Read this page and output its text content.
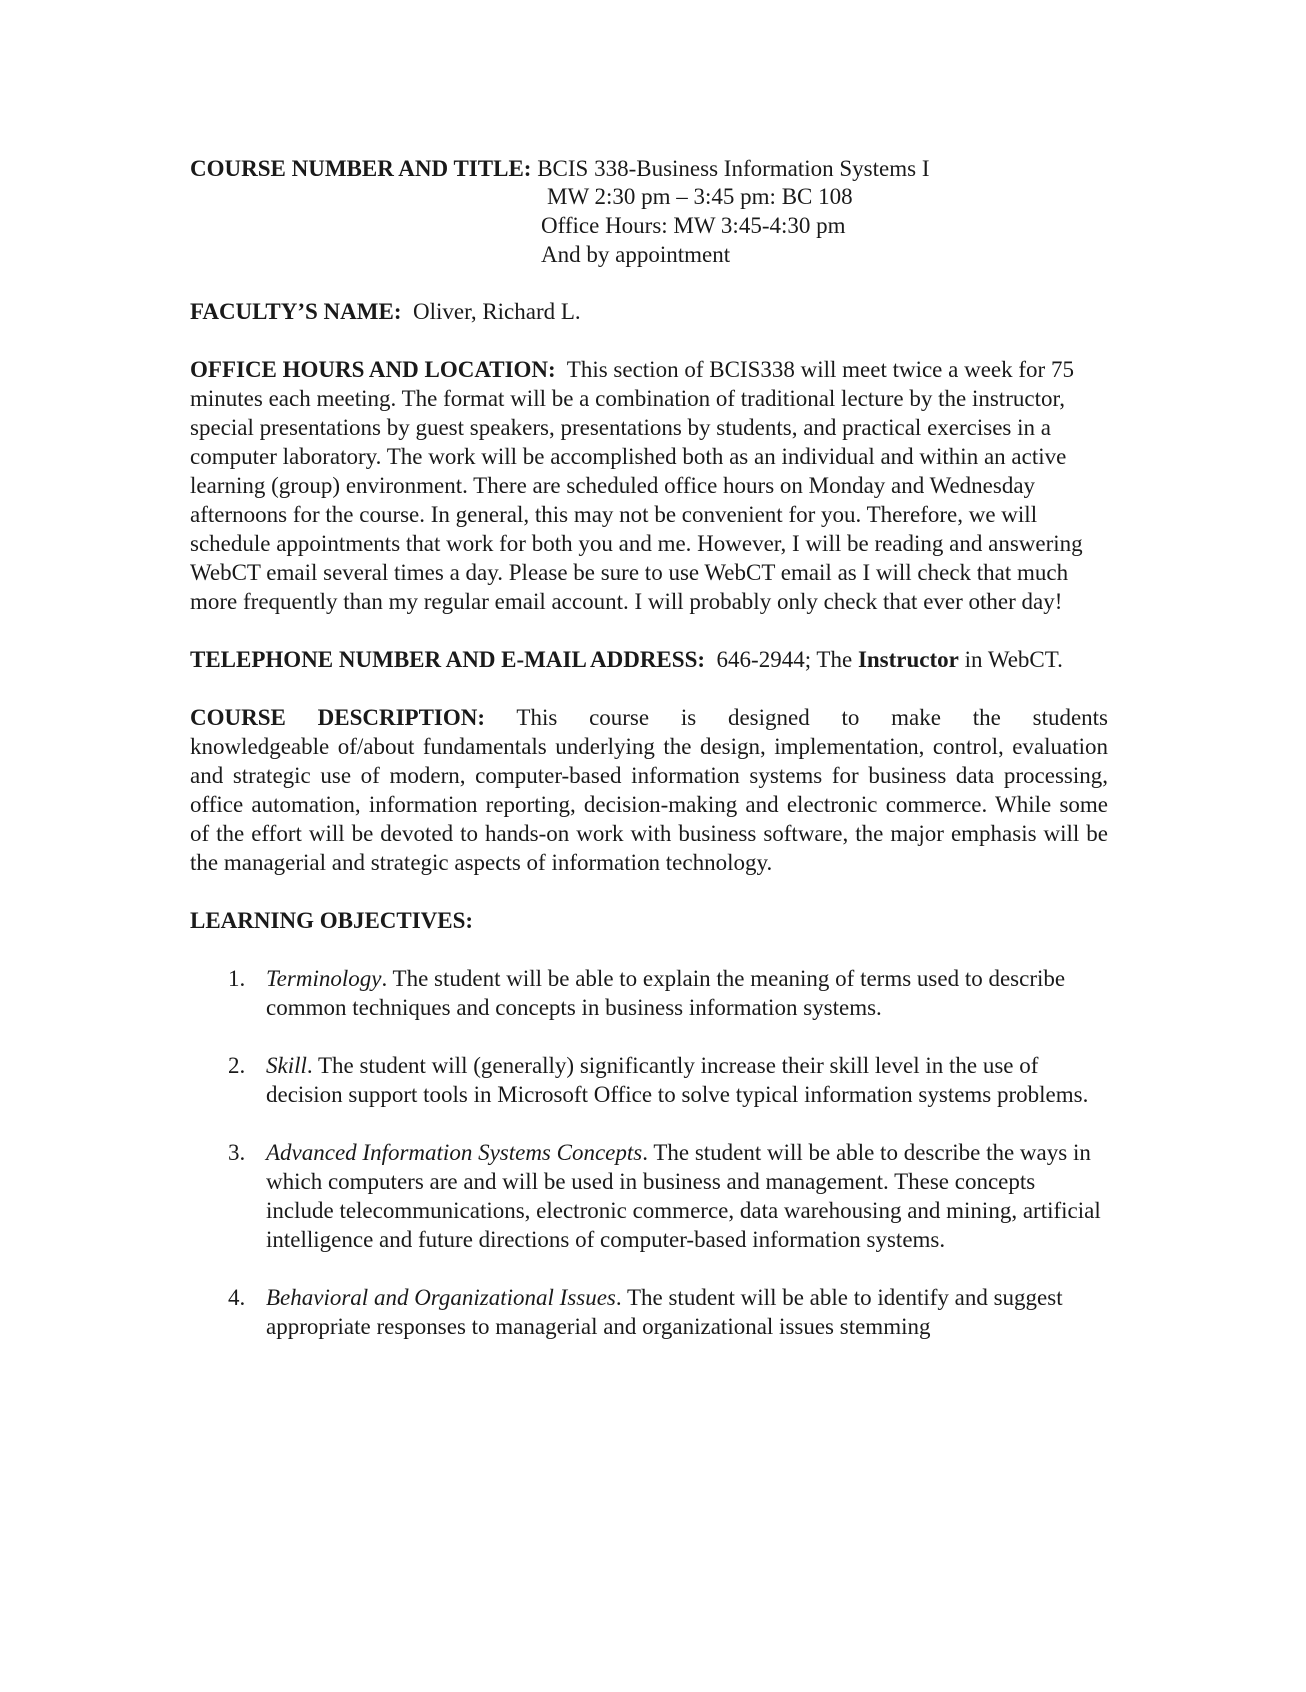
COURSE NUMBER AND TITLE: BCIS 338-Business Information Systems I
MW 2:30 pm – 3:45 pm: BC 108
Office Hours: MW 3:45-4:30 pm
And by appointment

FACULTY’S NAME: Oliver, Richard L.

OFFICE HOURS AND LOCATION: This section of BCIS338 will meet twice a week for 75 minutes each meeting. The format will be a combination of traditional lecture by the instructor, special presentations by guest speakers, presentations by students, and practical exercises in a computer laboratory. The work will be accomplished both as an individual and within an active learning (group) environment. There are scheduled office hours on Monday and Wednesday afternoons for the course. In general, this may not be convenient for you. Therefore, we will schedule appointments that work for both you and me. However, I will be reading and answering WebCT email several times a day. Please be sure to use WebCT email as I will check that much more frequently than my regular email account. I will probably only check that ever other day!

TELEPHONE NUMBER AND E-MAIL ADDRESS: 646-2944; The Instructor in WebCT.

COURSE DESCRIPTION: This course is designed to make the students
knowledgeable of/about fundamentals underlying the design, implementation, control, evaluation and strategic use of modern, computer-based information systems for business data processing, office automation, information reporting, decision-making and electronic commerce. While some of the effort will be devoted to hands-on work with business software, the major emphasis will be the managerial and strategic aspects of information technology.

LEARNING OBJECTIVES:

1. Terminology. The student will be able to explain the meaning of terms used to describe common techniques and concepts in business information systems.
2. Skill. The student will (generally) significantly increase their skill level in the use of decision support tools in Microsoft Office to solve typical information systems problems.
3. Advanced Information Systems Concepts. The student will be able to describe the ways in which computers are and will be used in business and management. These concepts include telecommunications, electronic commerce, data warehousing and mining, artificial intelligence and future directions of computer-based information systems.
4. Behavioral and Organizational Issues. The student will be able to identify and suggest appropriate responses to managerial and organizational issues stemming
